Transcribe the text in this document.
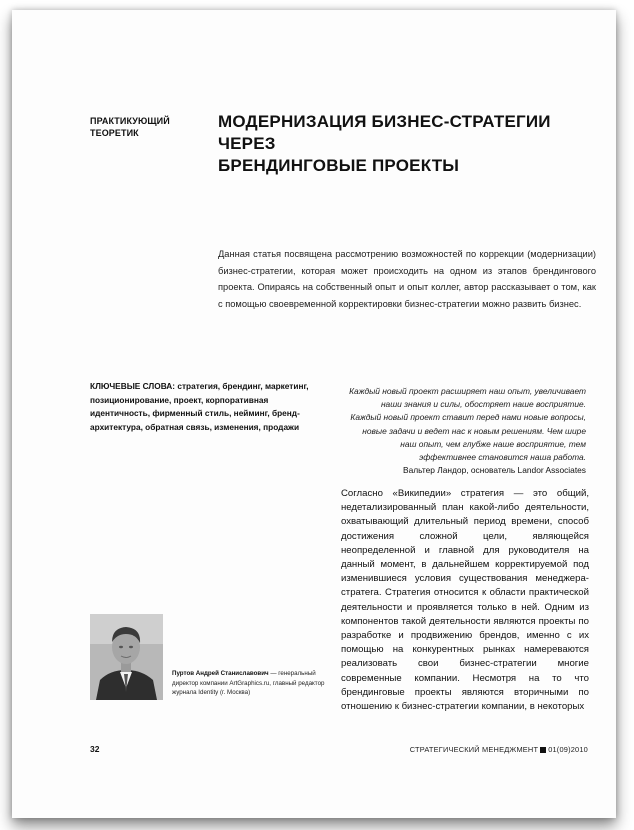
ПРАКТИКУЮЩИЙ
ТЕОРЕТИК
МОДЕРНИЗАЦИЯ БИЗНЕС-СТРАТЕГИИ ЧЕРЕЗ
БРЕНДИНГОВЫЕ ПРОЕКТЫ
Данная статья посвящена рассмотрению возможностей по коррекции (модернизации) бизнес-стратегии, которая может происходить на одном из этапов брендингового проекта. Опираясь на собственный опыт и опыт коллег, автор рассказывает о том, как с помощью своевременной корректировки бизнес-стратегии можно развить бизнес.
КЛЮЧЕВЫЕ СЛОВА: стратегия, брендинг, маркетинг, позиционирование, проект, корпоративная идентичность, фирменный стиль, нейминг, бренд-архитектура, обратная связь, изменения, продажи
Каждый новый проект расширяет наш опыт, увеличивает наши знания и силы, обостряет наше восприятие. Каждый новый проект ставит перед нами новые вопросы, новые задачи и ведет нас к новым решениям. Чем шире наш опыт, чем глубже наше восприятие, тем эффективнее становится наша работа.
Вальтер Ландор, основатель Landor Associates
Согласно «Википедии» стратегия — это общий, недетализированный план какой-либо деятельности, охватывающий длительный период времени, способ достижения сложной цели, являющейся неопределенной и главной для руководителя на данный момент, в дальнейшем корректируемой под изменившиеся условия существования менеджера-стратега. Стратегия относится к области практической деятельности и проявляется только в ней. Одним из компонентов такой деятельности являются проекты по разработке и продвижению брендов, именно с их помощью на конкурентных рынках намереваются реализовать свои бизнес-стратегии многие современные компании. Несмотря на то что брендинговые проекты являются вторичными по отношению к бизнес-стратегии компании, в некоторых
Пуртов Андрей Станиславович — генеральный директор компании ArtGraphics.ru, главный редактор журнала Identity (г. Москва)
32	СТРАТЕГИЧЕСКИЙ МЕНЕДЖМЕНТ 01(09)2010
